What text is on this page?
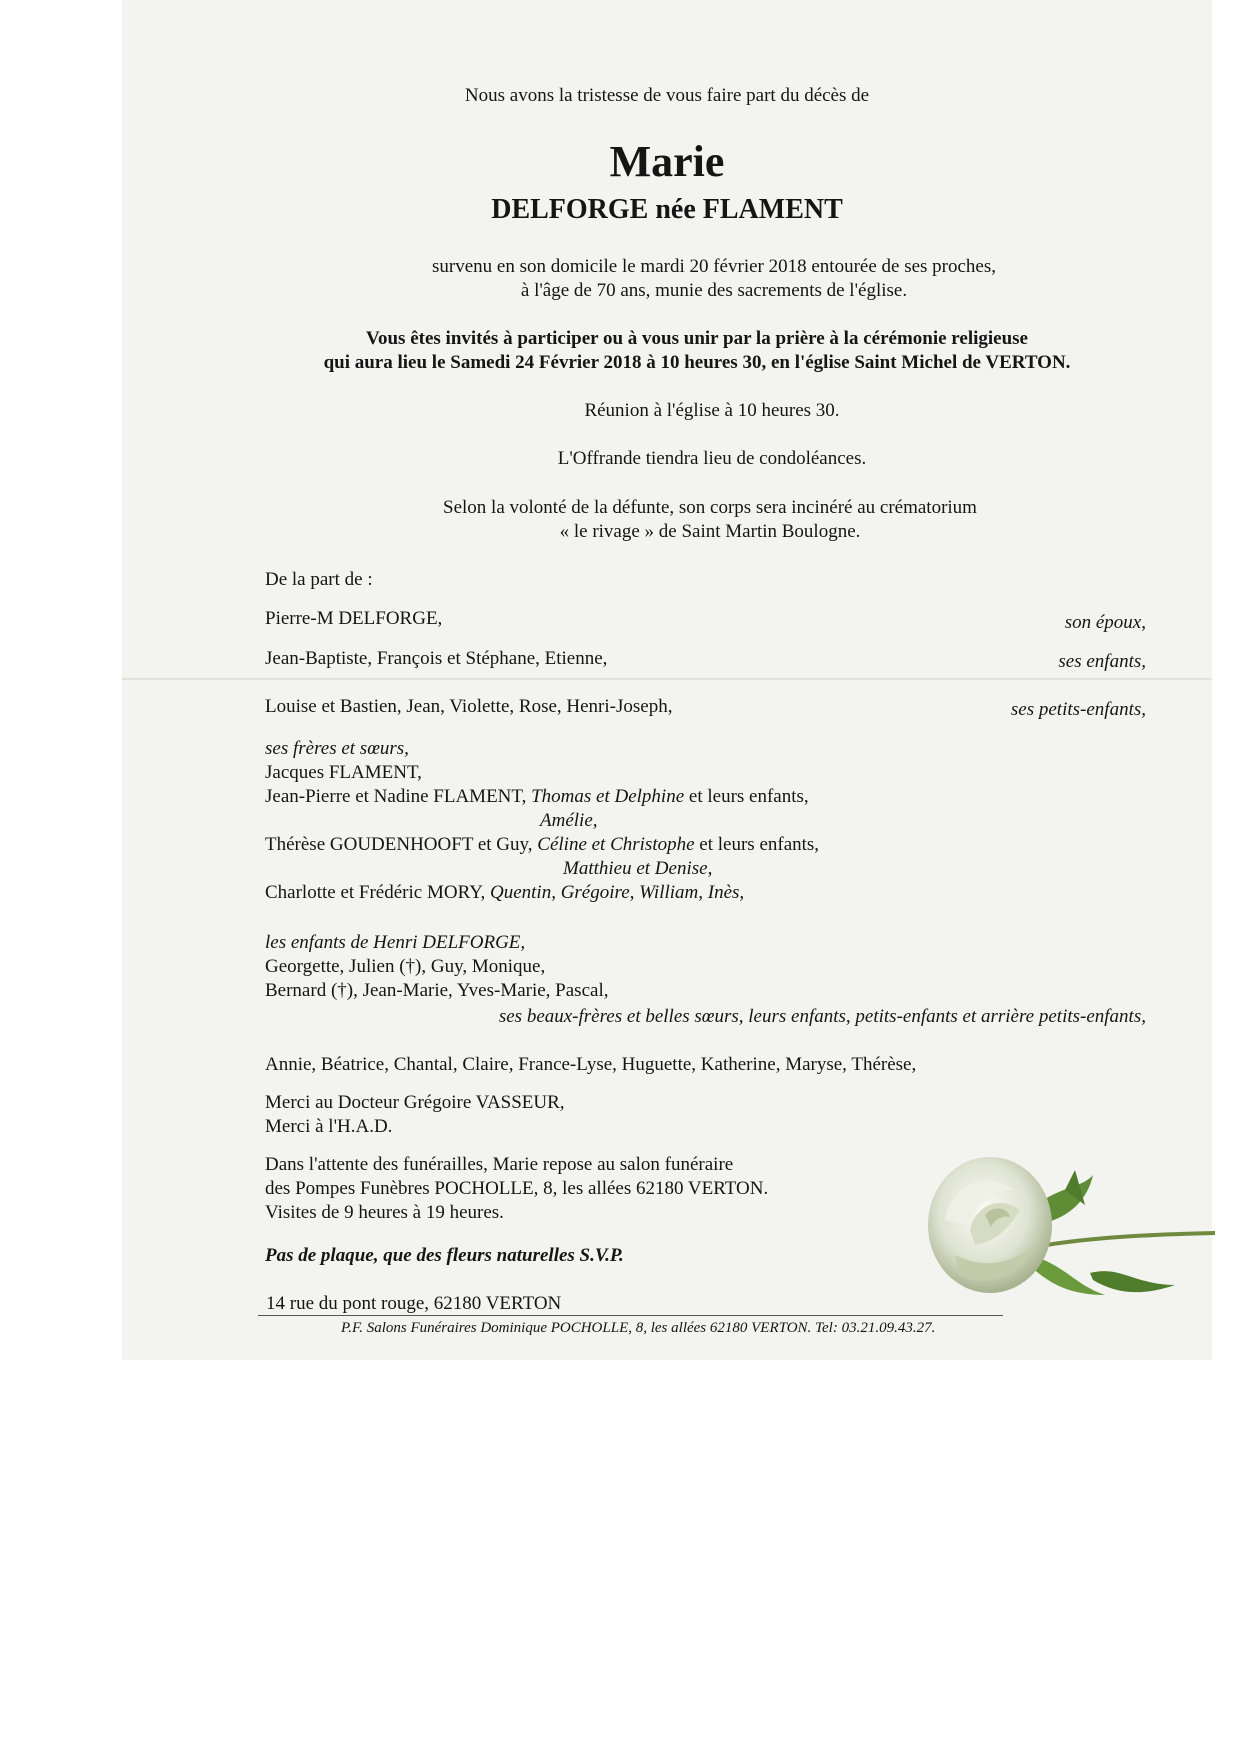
Nous avons la tristesse de vous faire part du décès de
Marie
DELFORGE née FLAMENT
survenu en son domicile le mardi 20 février 2018 entourée de ses proches,
à l'âge de 70 ans, munie des sacrements de l'église.
Vous êtes invités à participer ou à vous unir par la prière à la cérémonie religieuse
qui aura lieu le Samedi 24 Février 2018 à 10 heures 30, en l'église Saint Michel de VERTON.
Réunion à l'église à 10 heures 30.
L'Offrande tiendra lieu de condoléances.
Selon la volonté de la défunte, son corps sera incinéré au crématorium
« le rivage » de Saint Martin Boulogne.
De la part de :
Pierre-M DELFORGE,	son époux,
Jean-Baptiste, François et Stéphane, Etienne,	ses enfants,
Louise et Bastien, Jean, Violette, Rose, Henri-Joseph,	ses petits-enfants,
ses frères et sœurs,
Jacques FLAMENT,
Jean-Pierre et Nadine FLAMENT, Thomas et Delphine et leurs enfants,
Amélie,
Thérèse GOUDENHOOFT et Guy, Céline et Christophe et leurs enfants,
Matthieu et Denise,
Charlotte et Frédéric MORY, Quentin, Grégoire, William, Inès,
les enfants de Henri DELFORGE,
Georgette, Julien (†), Guy, Monique,
Bernard (†), Jean-Marie, Yves-Marie, Pascal,
ses beaux-frères et belles sœurs, leurs enfants, petits-enfants et arrière petits-enfants,
Annie, Béatrice, Chantal, Claire, France-Lyse, Huguette, Katherine, Maryse, Thérèse,
Merci au Docteur Grégoire VASSEUR,
Merci à l'H.A.D.
Dans l'attente des funérailles, Marie repose au salon funéraire
des Pompes Funèbres POCHOLLE, 8, les allées 62180 VERTON.
Visites de 9 heures à 19 heures.
Pas de plaque, que des fleurs naturelles S.V.P.
14 rue du pont rouge, 62180 VERTON
P.F. Salons Funéraires Dominique POCHOLLE, 8, les allées 62180 VERTON. Tel: 03.21.09.43.27.
